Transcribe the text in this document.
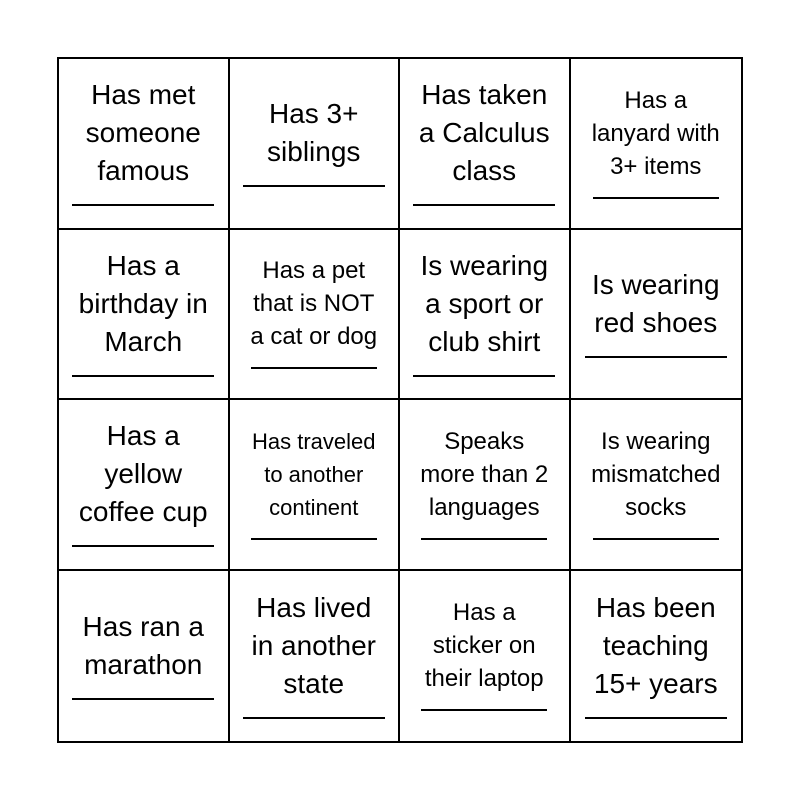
Has met
someone
famous
Has 3+
siblings
Has taken
a Calculus
class
Has a
lanyard with
3+ items
Has a
birthday in
March
Has a pet
that is NOT
a cat or dog
Is wearing
a sport or
club shirt
Is wearing
red shoes
Has a
yellow
coffee cup
Has traveled
to another
continent
Speaks
more than 2
languages
Is wearing
mismatched
socks
Has ran a
marathon
Has lived
in another
state
Has a
sticker on
their laptop
Has been
teaching
15+ years
